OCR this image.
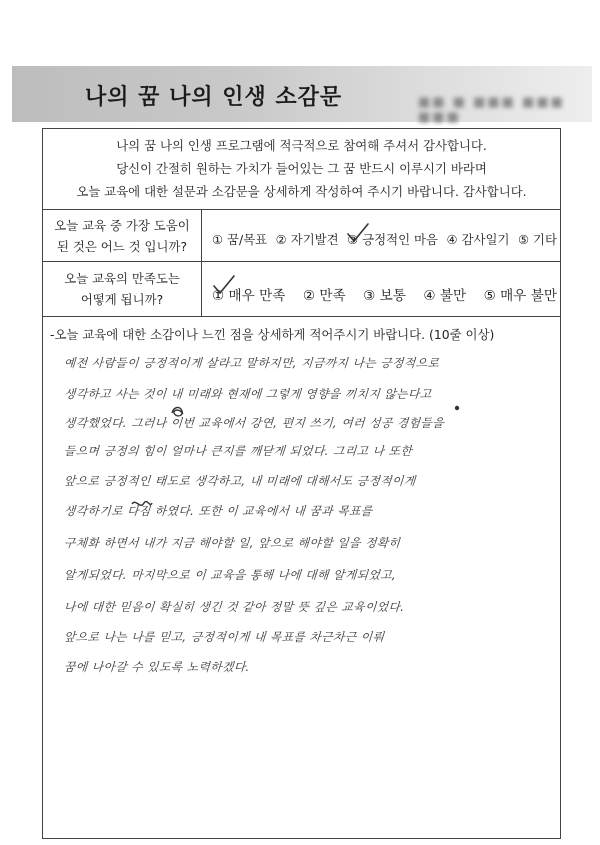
나의 꿈 나의 인생 소감문	■■ ■ ■■■ ■■■ ■■■
나의 꿈 나의 인생 프로그램에 적극적으로 참여해 주셔서 감사합니다.
당신이 간절히 원하는 가치가 들어있는 그 꿈 반드시 이루시기 바라며
오늘 교육에 대한 설문과 소감문을 상세하게 작성하여 주시기 바랍니다. 감사합니다.
오늘 교육 중 가장 도움이
된 것은 어느 것 입니까?	① 꿈/목표 ② 자기발견 ③ 긍정적인 마음 ④ 감사일기 ⑤ 기타
오늘 교육의 만족도는
어떻게 됩니까?	① 매우 만족 ② 만족 ③ 보통 ④ 불만 ⑤ 매우 불만
-오늘 교육에 대한 소감이나 느낀 점을 상세하게 적어주시기 바랍니다. (10줄 이상)
예전 사람들이 긍정적이게 살라고 말하지만, 지금까지 나는 긍정적으로
생각하고 사는 것이 내 미래와 현재에 그렇게 영향을 끼치지 않는다고
생각했었다. 그러나 이번 교육에서 강연, 편지 쓰기, 여러 성공 경험들을
들으며 긍정의 힘이 얼마나 큰지를 깨닫게 되었다. 그리고 나 또한
앞으로 긍정적인 태도로 생각하고, 내 미래에 대해서도 긍정적이게
생각하기로 다짐 하였다. 또한 이 교육에서 내 꿈과 목표를
구체화 하면서 내가 지금 해야할 일, 앞으로 해야할 일을 정확히
알게되었다. 마지막으로 이 교육을 통해 나에 대해 알게되었고,
나에 대한 믿음이 확실히 생긴 것 같아 정말 뜻 깊은 교육이었다.
앞으로 나는 나를 믿고, 긍정적이게 내 목표를 차근차근 이뤄
꿈에 나아갈 수 있도록 노력하겠다.
